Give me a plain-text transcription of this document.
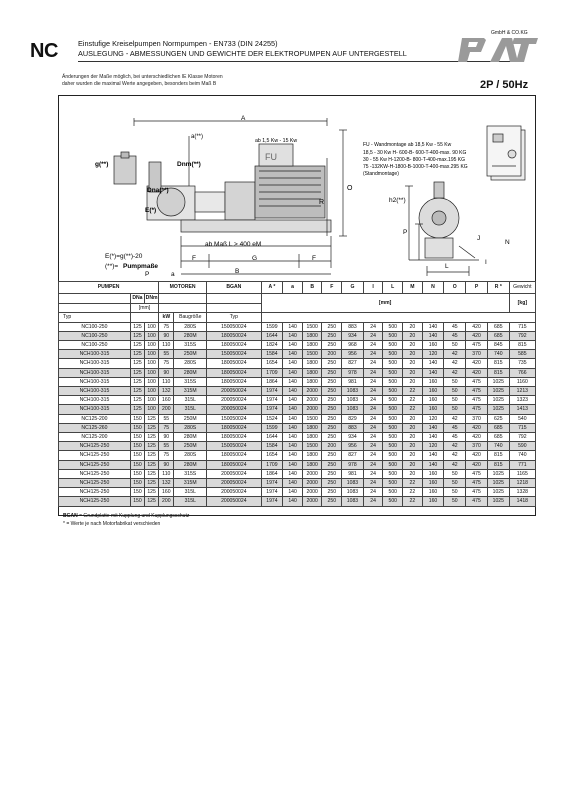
NC	Einstufige Kreiselpumpen Normpumpen - EN733 (DIN 24255)
AUSLEGUNG - ABMESSUNGEN UND GEWICHTE DER ELEKTROPUMPEN AUF UNTERGESTELL
GmbH & CO.KG
Änderungen der Maße möglich, bei unterschiedlichen IE Klasse Motoren
daher wurden die maximal Werte angegeben, besonders beim Maß B	2P / 50Hz
A
a(**)
ab 1,5 Kw - 15 Kw
FU
g(**)	Dnm(**)
Dna(**)
E(*)
O
R
ab Maß L > 400 eM
F	G	F
B
E(*)=g(**)-20
(**)= Pumpmaße
P	a
FU - Wandmontage ab 18,5 Kw - 55 Kw
18,5 - 30 Kw H- 600-B- 600-T-400-max. 90 KG
30 - 55 Kw H-1200-B- 800-T-400-max.195 KG
75 -132KW-H-1800-B-1000-T-400-max.295 KG
(Standmontage)
h2(**)
P
J
N
L
I
PUMPEN			MOTOREN		BGAN	A *	a	B	F	G	I	L	M	N	O	P	R *	Gewicht
	DNa	DNm				[mm]												[kg]
	[mm]																	
Typ			kW	Baugröße	Typ													
NC100-250	125	100	75	280S	150050024	1599	140	1500	250	883	24	500	20	140	45	420	685	715
NC100-250	125	100	90	280M	180050024	1644	140	1800	250	934	24	500	20	140	45	420	685	792
NC100-250	125	100	110	315S	180050024	1824	140	1800	250	968	24	500	20	160	50	475	845	815
NCH100-315	125	100	55	250M	150050024	1584	140	1500	200	956	24	500	20	120	42	370	740	585
NCH100-315	125	100	75	280S	180050024	1654	140	1800	250	827	24	500	20	140	42	420	815	735
NCH100-315	125	100	90	280M	180050024	1709	140	1800	250	978	24	500	20	140	42	420	815	766
NCH100-315	125	100	110	315S	180050024	1864	140	1800	250	981	24	500	20	160	50	475	1025	1160
NCH100-315	125	100	132	315M	200050024	1974	140	2000	250	1083	24	500	22	160	50	475	1025	1213
NCH100-315	125	100	160	315L	200050024	1974	140	2000	250	1083	24	500	22	160	50	475	1025	1323
NCH100-315	125	100	200	315L	200050024	1974	140	2000	250	1083	24	500	22	160	50	475	1025	1413
NC125-200	150	125	55	250M	150050024	1524	140	1500	250	829	24	500	20	120	42	370	625	540
NC125-260	150	125	75	280S	180050024	1599	140	1800	250	883	24	500	20	140	45	420	685	715
NC125-200	150	125	90	280M	180050024	1644	140	1800	250	934	24	500	20	140	45	420	685	792
NCH125-250	150	125	55	250M	150050024	1584	140	1500	200	956	24	500	20	120	42	370	740	590
NCH125-250	150	125	75	280S	180050024	1654	140	1800	250	827	24	500	20	140	42	420	815	740
NCH125-250	150	125	90	280M	180050024	1709	140	1800	250	978	24	500	20	140	42	420	815	771
NCH125-250	150	125	110	315S	200050024	1864	140	2000	250	981	24	500	20	160	50	475	1025	1165
NCH125-250	150	125	132	315M	200050024	1974	140	2000	250	1083	24	500	22	160	50	475	1025	1218
NCH125-250	150	125	160	315L	200050024	1974	140	2000	250	1083	24	500	22	160	50	475	1025	1328
NCH125-250	150	125	200	315L	200050024	1974	140	2000	250	1083	24	500	22	160	50	475	1025	1418
BGAN = Grundplatte mit Kupplung und Kupplungsschutz
* = Werte je nach Motorfabrikat verschieden
